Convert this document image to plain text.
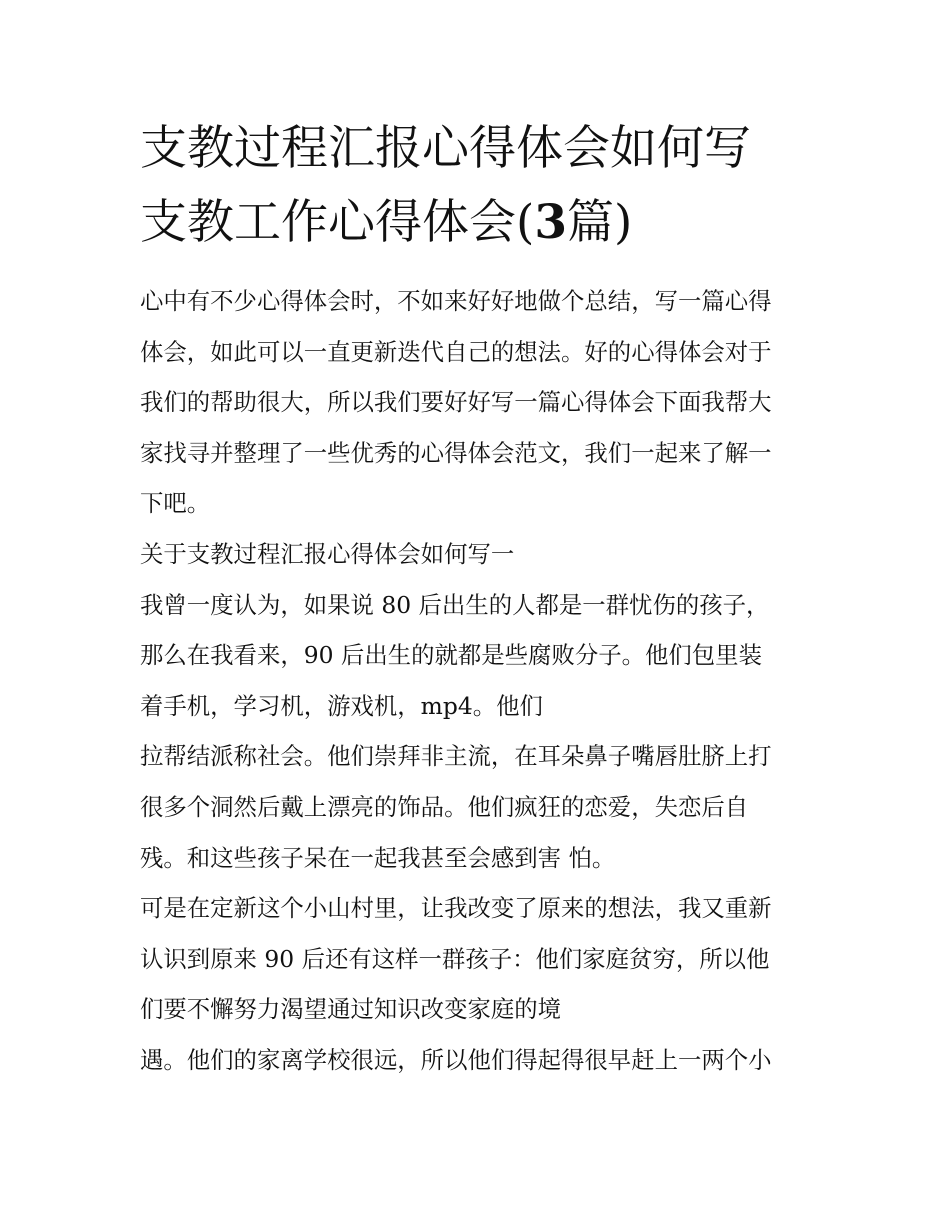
支教过程汇报心得体会如何写
支教工作心得体会(3篇)
心中有不少心得体会时，不如来好好地做个总结，写一篇心得
体会，如此可以一直更新迭代自己的想法。好的心得体会对于
我们的帮助很大，所以我们要好好写一篇心得体会下面我帮大
家找寻并整理了一些优秀的心得体会范文，我们一起来了解一
下吧。
关于支教过程汇报心得体会如何写一
我曾一度认为，如果说 80 后出生的人都是一群忧伤的孩子，
那么在我看来，90 后出生的就都是些腐败分子。他们包里装
着手机，学习机，游戏机，mp4。他们
拉帮结派称社会。他们崇拜非主流，在耳朵鼻子嘴唇肚脐上打
很多个洞然后戴上漂亮的饰品。他们疯狂的恋爱，失恋后自
残。和这些孩子呆在一起我甚至会感到害 怕。
可是在定新这个小山村里，让我改变了原来的想法，我又重新
认识到原来 90 后还有这样一群孩子：他们家庭贫穷，所以他
们要不懈努力渴望通过知识改变家庭的境
遇。他们的家离学校很远，所以他们得起得很早赶上一两个小
